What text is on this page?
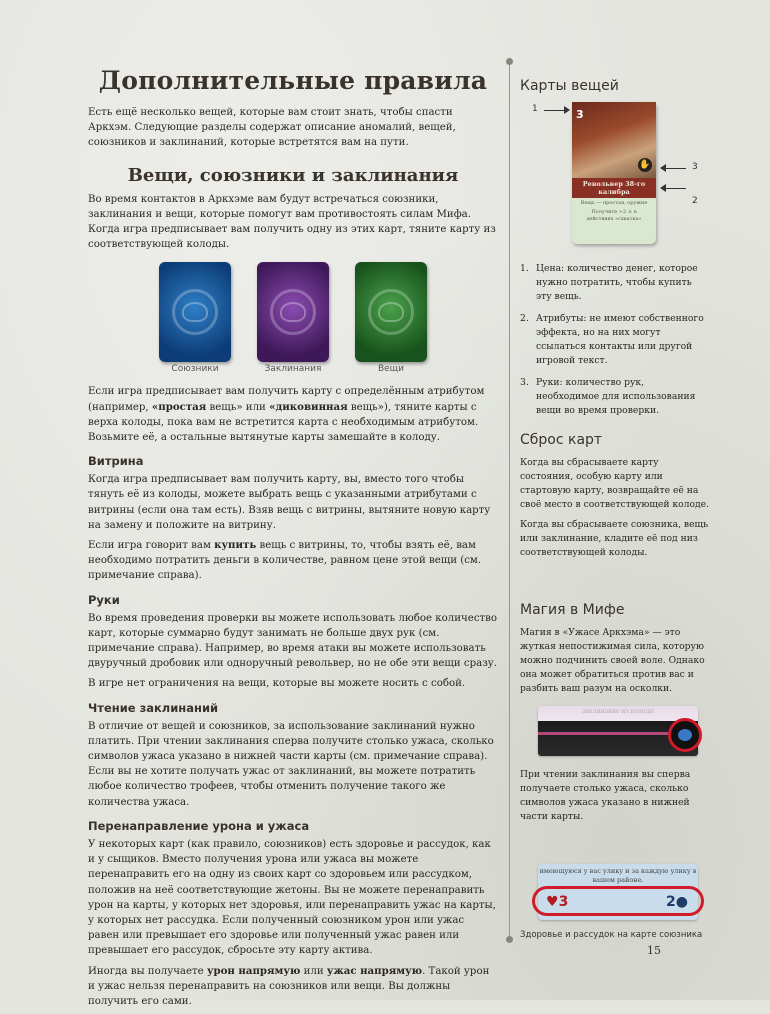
Дополнительные правила

Есть ещё несколько вещей, которые вам стоит знать, чтобы спасти Аркхэм. Следующие разделы содержат описание аномалий, вещей, союзников и заклинаний, которые встретятся вам на пути.

Вещи, союзники и заклинания

Во время контактов в Аркхэме вам будут встречаться союзники, заклинания и вещи, которые помогут вам противостоять силам Мифа. Когда игра предписывает вам получить одну из этих карт, тяните карту из соответствующей колоды.

Союзники	Заклинания	Вещи

Если игра предписывает вам получить карту с определённым атрибутом (например, «простая вещь» или «диковинная вещь»), тяните карты с верха колоды, пока вам не встретится карта с необходимым атрибутом. Возьмите её, а остальные вытянутые карты замешайте в колоду.

Витрина

Когда игра предписывает вам получить карту, вы, вместо того чтобы тянуть её из колоды, можете выбрать вещь с указанными атрибутами с витрины (если она там есть). Взяв вещь с витрины, вытяните новую карту на замену и положите на витрину.

Если игра говорит вам купить вещь с витрины, то, чтобы взять её, вам необходимо потратить деньги в количестве, равном цене этой вещи (см. примечание справа).

Руки

Во время проведения проверки вы можете использовать любое количество карт, которые суммарно будут занимать не больше двух рук (см. примечание справа). Например, во время атаки вы можете использовать двуручный дробовик или одноручный револьвер, но не обе эти вещи сразу.

В игре нет ограничения на вещи, которые вы можете носить с собой.

Чтение заклинаний

В отличие от вещей и союзников, за использование заклинаний нужно платить. При чтении заклинания сперва получите столько ужаса, сколько символов ужаса указано в нижней части карты (см. примечание справа). Если вы не хотите получать ужас от заклинаний, вы можете потратить любое количество трофеев, чтобы отменить получение такого же количества ужаса.

Перенаправление урона и ужаса

У некоторых карт (как правило, союзников) есть здоровье и рассудок, как и у сыщиков. Вместо получения урона или ужаса вы можете перенаправить его на одну из своих карт со здоровьем или рассудком, положив на неё соответствующие жетоны. Вы не можете перенаправить урон на карты, у которых нет здоровья, или перенаправить ужас на карты, у которых нет рассудка. Если полученный союзником урон или ужас равен или превышает его здоровье или полученный ужас равен или превышает его рассудок, сбросьте эту карту актива.

Иногда вы получаете урон напрямую или ужас напрямую. Такой урон и ужас нельзя перенаправить на союзников или вещи. Вы должны получить его сами.

Карты вещей
1	3
✋
Револьвер 38-го калибра
Вещь — простая, оружие
Получите +2 ⚔ в действиях «схватка»
3
2
1. Цена: количество денег, которое нужно потратить, чтобы купить эту вещь.
2. Атрибуты: не имеют собственного эффекта, но на них могут ссылаться контакты или другой игровой текст.
3. Руки: количество рук, необходимое для использования вещи во время проверки.
Сброс карт

Когда вы сбрасываете карту состояния, особую карту или стартовую карту, возвращайте её на своё место в соответствующей колоде.

Когда вы сбрасываете союзника, вещь или заклинание, кладите её под низ соответствующей колоды.

Магия в Мифе

Магия в «Ужасе Аркхэма» — это жуткая непостижимая сила, которую можно подчинить своей воле. Однако она может обратиться против вас и разбить ваш разум на осколки.

заклинание из колоды

При чтении заклинания вы сперва получаете столько ужаса, сколько символов ужаса указано в нижней части карты.

имеющуюся у вас улику и за каждую улику в вашем районе.
♥3	2●
Здоровье и рассудок на карте союзника
15
